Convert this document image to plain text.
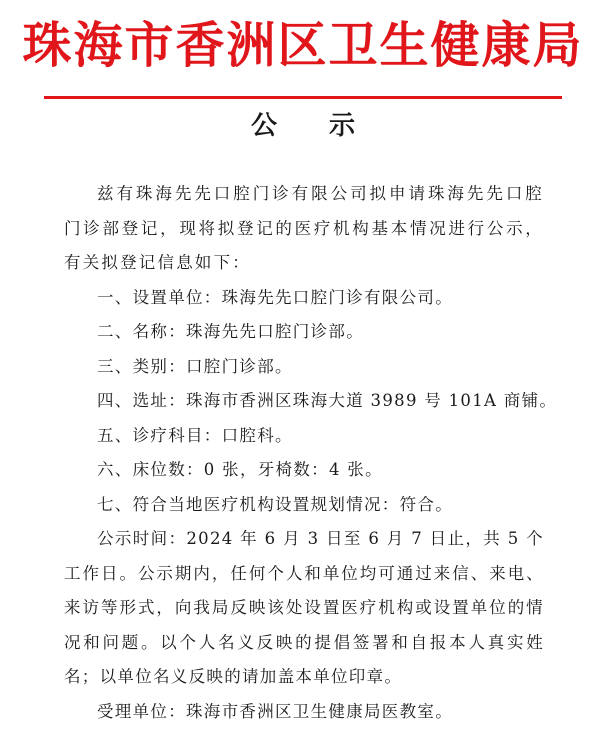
珠海市香洲区卫生健康局
公示

兹有珠海先先口腔门诊有限公司拟申请珠海先先口腔门诊部登记，现将拟登记的医疗机构基本情况进行公示，有关拟登记信息如下：

一、设置单位：珠海先先口腔门诊有限公司。

二、名称：珠海先先口腔门诊部。

三、类别：口腔门诊部。

四、选址：珠海市香洲区珠海大道 3989 号 101A 商铺。

五、诊疗科目：口腔科。

六、床位数：0 张，牙椅数：4 张。

七、符合当地医疗机构设置规划情况：符合。

公示时间：2024 年 6 月 3 日至 6 月 7 日止，共 5 个工作日。公示期内，任何个人和单位均可通过来信、来电、来访等形式，向我局反映该处设置医疗机构或设置单位的情况和问题。以个人名义反映的提倡签署和自报本人真实姓名；以单位名义反映的请加盖本单位印章。

受理单位：珠海市香洲区卫生健康局医教室。
